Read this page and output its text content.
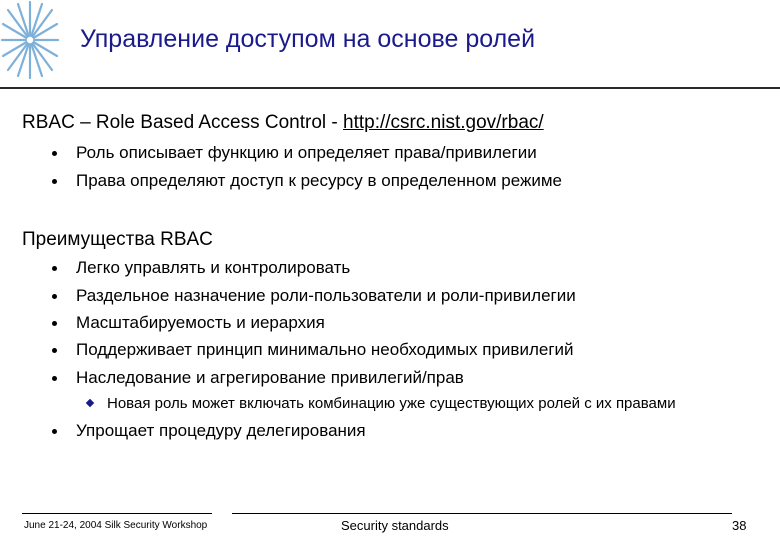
Управление доступом на основе ролей
RBAC – Role Based Access Control - http://csrc.nist.gov/rbac/
Роль описывает функцию и определяет права/привилегии
Права определяют доступ к ресурсу в определенном режиме
Преимущества RBAC
Легко управлять и контролировать
Раздельное назначение роли-пользователи и роли-привилегии
Масштабируемость и иерархия
Поддерживает принцип минимально необходимых привилегий
Наследование и агрегирование привилегий/прав
Новая роль может включать комбинацию уже существующих ролей с их правами
Упрощает процедуру делегирования
June 21-24, 2004 Silk Security Workshop	Security standards	38
